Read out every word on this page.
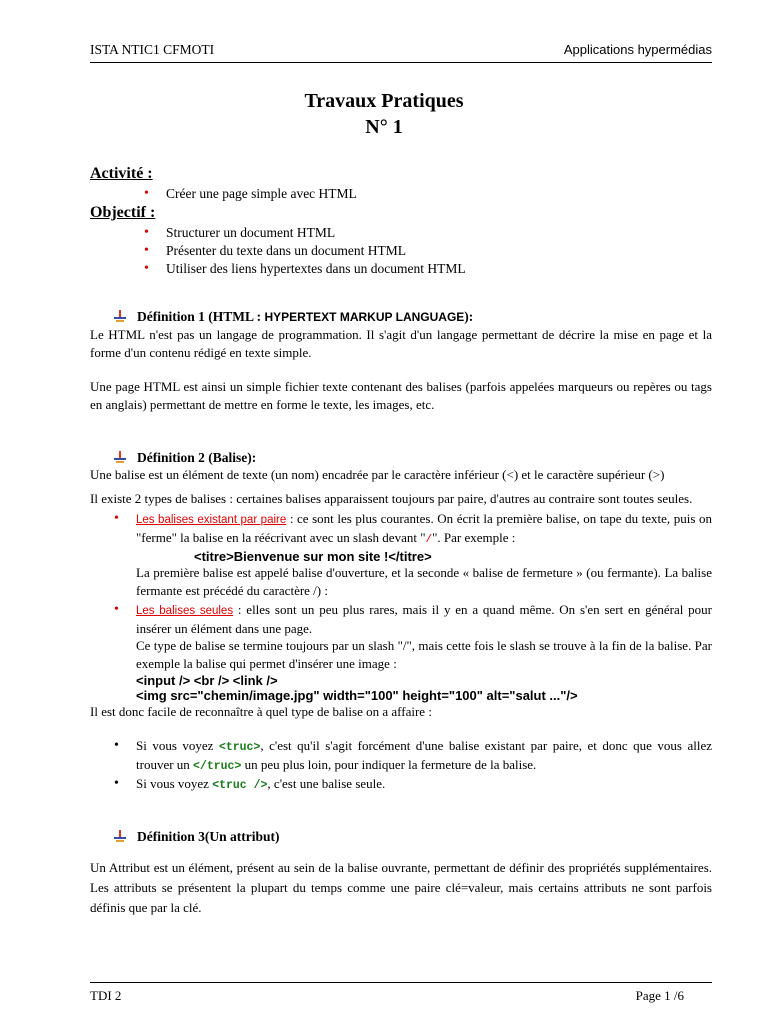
ISTA NTIC1 CFMOTI	Applications hypermédias
Travaux Pratiques
N° 1
Activité :
• Créer une page simple avec HTML
Objectif :
• Structurer un document HTML
• Présenter du texte dans un document HTML
• Utiliser des liens hypertextes dans un document HTML
Définition 1 (HTML : HYPERTEXT MARKUP LANGUAGE):

Le HTML n'est pas un langage de programmation. Il s'agit d'un langage permettant de décrire la mise en page et la forme d'un contenu rédigé en texte simple.

Une page HTML est ainsi un simple fichier texte contenant des balises (parfois appelées marqueurs ou repères ou tags en anglais) permettant de mettre en forme le texte, les images, etc.

Définition 2 (Balise):

Une balise est un élément de texte (un nom) encadrée par le caractère inférieur (<) et le caractère supérieur (>)

Il existe 2 types de balises : certaines balises apparaissent toujours par paire, d'autres au contraire sont toutes seules.

• Les balises existant par paire : ce sont les plus courantes. On écrit la première balise, on tape du texte, puis on "ferme" la balise en la réécrivant avec un slash devant "/". Par exemple :
<titre>Bienvenue sur mon site !</titre>

La première balise est appelé balise d'ouverture, et la seconde « balise de fermeture » (ou fermante). La balise fermante est précédé du caractère /) :

• Les balises seules : elles sont un peu plus rares, mais il y en a quand même. On s'en sert en général pour insérer un élément dans une page.

Ce type de balise se termine toujours par un slash "/", mais cette fois le slash se trouve à la fin de la balise. Par exemple la balise qui permet d'insérer une image :

<input /> <br /> <link />
<img src="chemin/image.jpg" width="100" height="100" alt="salut ..."/>

Il est donc facile de reconnaître à quel type de balise on a affaire :

• Si vous voyez <truc>, c'est qu'il s'agit forcément d'une balise existant par paire, et donc que vous allez trouver un </truc> un peu plus loin, pour indiquer la fermeture de la balise.
• Si vous voyez <truc />, c'est une balise seule.
Définition 3(Un attribut)

Un Attribut est un élément, présent au sein de la balise ouvrante, permettant de définir des propriétés supplémentaires. Les attributs se présentent la plupart du temps comme une paire clé=valeur, mais certains attributs ne sont parfois définis que par la clé.

TDI 2	Page 1 /6
